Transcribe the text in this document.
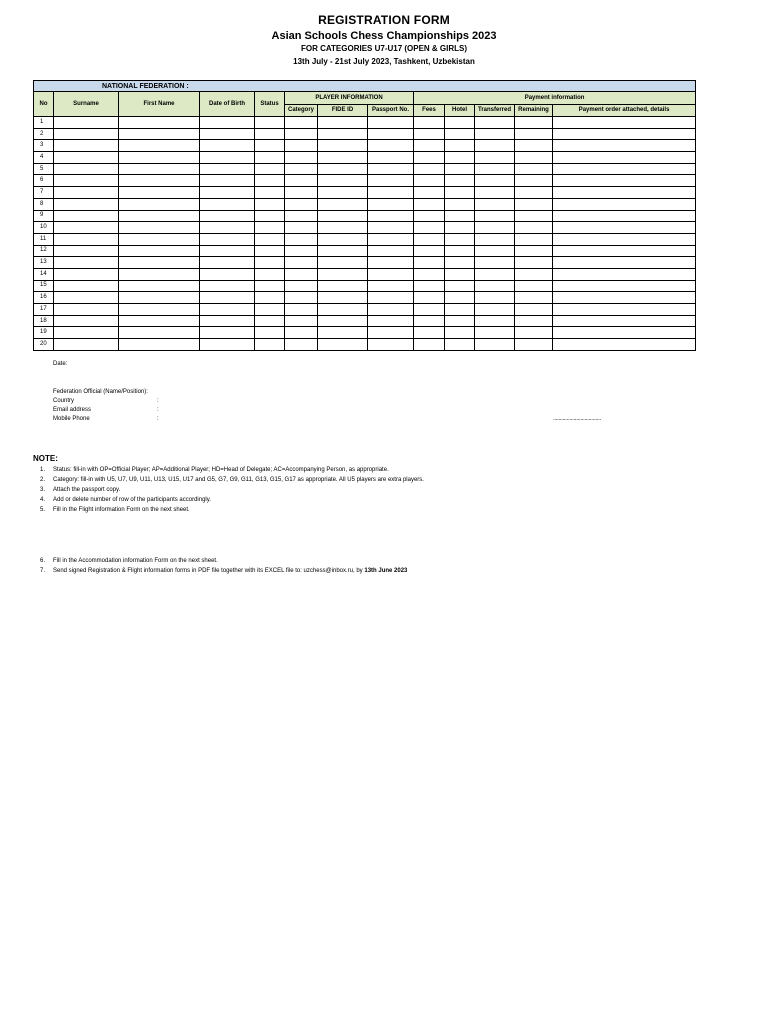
REGISTRATION FORM
Asian Schools Chess Championships 2023
FOR CATEGORIES U7-U17 (OPEN & GIRLS)
13th July - 21st July 2023, Tashkent, Uzbekistan
NATIONAL FEDERATION :												
No	Surname	First Name	Date of Birth	Status	PLAYER INFORMATION			Payment information				
					Category	FIDE ID	Passport No.	Fees	Hotel	Transferred	Remaining	Payment order attached, details
1												
2												
3												
4												
5												
6												
7												
8												
9												
10												
11												
12												
13												
14												
15												
16												
17												
18												
19												
20												
Date:
Federation Official (Name/Position):
Country	:
Email address	:
Mobile Phone	:	...................................
NOTE:
1. Status: fill-in with OP=Official Player; AP=Additional Player; HD=Head of Delegate; AC=Accompanying Person, as appropriate.
2. Category: fill-in with U5, U7, U9, U11, U13, U15, U17 and G5, G7, G9, G11, G13, G15, G17 as appropriate. All U5 players are extra players.
3. Attach the passport copy.
4. Add or delete number of row of the participants accordingly.
5. Fill in the Flight information Form on the next sheet.
6. Fill in the Accommodation information Form on the next sheet.
7. Send signed Registration & Flight information forms in PDF file together with its EXCEL file to: uzchess@inbox.ru, by 13th June 2023
